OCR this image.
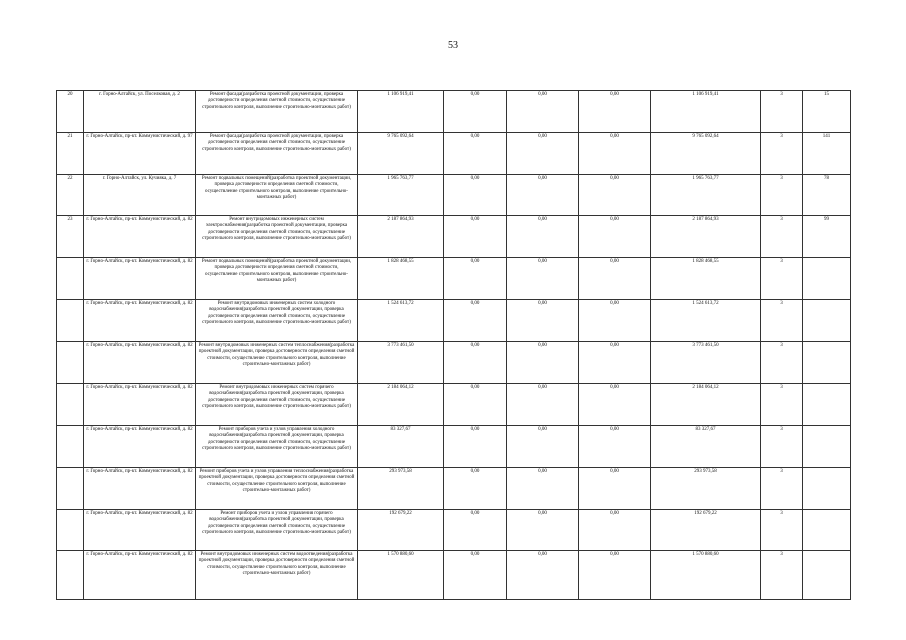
53
20	г. Горно-Алтайск, ул. Поселковая, д. 2	Ремонт фасада(разработка проектной документации, проверка достоверности определения сметной стоимости, осуществление строительного контроля, выполнение строительно-монтажных работ)	1 106 919,41	0,00	0,00	0,00	1 106 919,41	3	15
21	г. Горно-Алтайск, пр-кт. Коммунистический, д. 97	Ремонт фасада(разработка проектной документации, проверка достоверности определения сметной стоимости, осуществление строительного контроля, выполнение строительно-монтажных работ)	9 765 092,64	0,00	0,00	0,00	9 765 092,64	3	141
22	г. Горно-Алтайск, ул. Кучияка, д. 7	Ремонт подвальных помещений(разработка проектной документации, проверка достоверности определения сметной стоимости, осуществление строительного контроля, выполнение строительно-монтажных работ)	1 965 763,77	0,00	0,00	0,00	1 965 763,77	3	78
23	г. Горно-Алтайск, пр-кт. Коммунистический, д. 82	Ремонт внутридомовых инженерных систем электроснабжения(разработка проектной документации, проверка достоверности определения сметной стоимости, осуществление строительного контроля, выполнение строительно-монтажных работ)	2 187 864,93	0,00	0,00	0,00	2 187 864,93	3	99
	г. Горно-Алтайск, пр-кт. Коммунистический, д. 82	Ремонт подвальных помещений(разработка проектной документации, проверка достоверности определения сметной стоимости, осуществление строительного контроля, выполнение строительно-монтажных работ)	1 828 468,55	0,00	0,00	0,00	1 828 468,55	3	
	г. Горно-Алтайск, пр-кт. Коммунистический, д. 82	Ремонт внутридомовых инженерных систем холодного водоснабжения(разработка проектной документации, проверка достоверности определения сметной стоимости, осуществление строительного контроля, выполнение строительно-монтажных работ)	1 524 613,72	0,00	0,00	0,00	1 524 613,72	3	
	г. Горно-Алтайск, пр-кт. Коммунистический, д. 82	Ремонт внутридомовых инженерных систем теплоснабжения(разработка проектной документации, проверка достоверности определения сметной стоимости, осуществление строительного контроля, выполнение строительно-монтажных работ)	3 773 461,50	0,00	0,00	0,00	3 773 461,50	3	
	г. Горно-Алтайск, пр-кт. Коммунистический, д. 82	Ремонт внутридомовых инженерных систем горячего водоснабжения(разработка проектной документации, проверка достоверности определения сметной стоимости, осуществление строительного контроля, выполнение строительно-монтажных работ)	2 184 064,12	0,00	0,00	0,00	2 184 064,12	3	
	г. Горно-Алтайск, пр-кт. Коммунистический, д. 82	Ремонт приборов учета и узлов управления холодного водоснабжения(разработка проектной документации, проверка достоверности определения сметной стоимости, осуществление строительного контроля, выполнение строительно-монтажных работ)	83 327,67	0,00	0,00	0,00	83 327,67	3	
	г. Горно-Алтайск, пр-кт. Коммунистический, д. 82	Ремонт приборов учета и узлов управления теплоснабжения(разработка проектной документации, проверка достоверности определения сметной стоимости, осуществление строительного контроля, выполнение строительно-монтажных работ)	293 973,58	0,00	0,00	0,00	293 973,58	3	
	г. Горно-Алтайск, пр-кт. Коммунистический, д. 82	Ремонт приборов учета и узлов управления горячего водоснабжения(разработка проектной документации, проверка достоверности определения сметной стоимости, осуществление строительного контроля, выполнение строительно-монтажных работ)	192 679,22	0,00	0,00	0,00	192 679,22	3	
	г. Горно-Алтайск, пр-кт. Коммунистический, д. 82	Ремонт внутридомовых инженерных систем водоотведения(разработка проектной документации, проверка достоверности определения сметной стоимости, осуществление строительного контроля, выполнение строительно-монтажных работ)	1 570 880,60	0,00	0,00	0,00	1 570 880,60	3	
